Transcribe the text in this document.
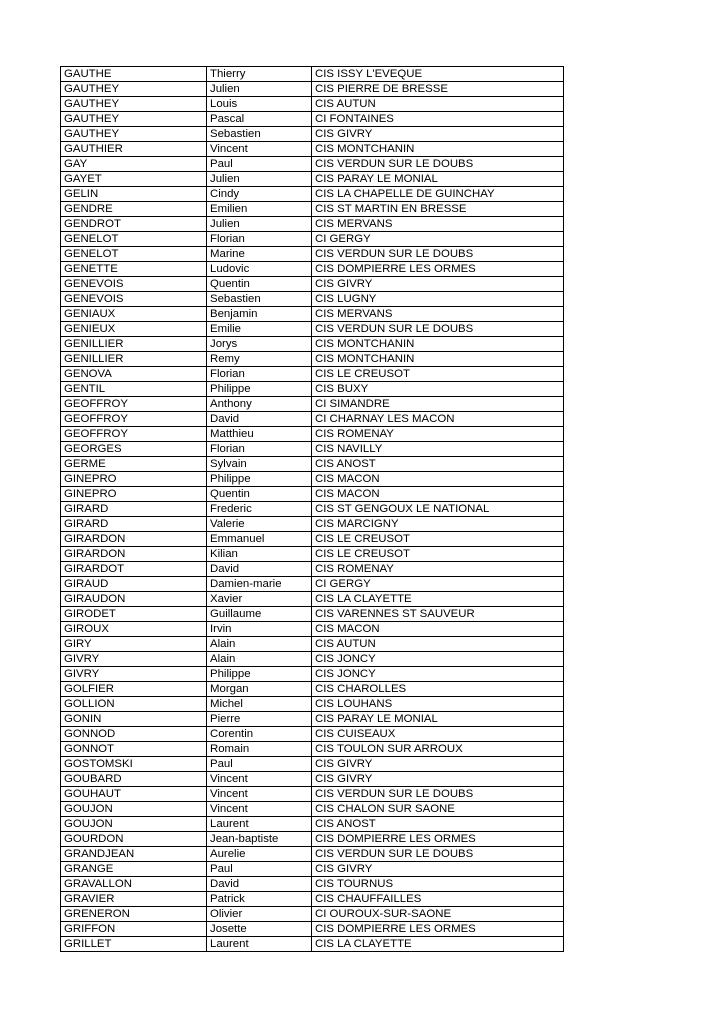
GAUTHE	Thierry	CIS ISSY L'EVEQUE
GAUTHEY	Julien	CIS PIERRE DE BRESSE
GAUTHEY	Louis	CIS AUTUN
GAUTHEY	Pascal	CI FONTAINES
GAUTHEY	Sebastien	CIS GIVRY
GAUTHIER	Vincent	CIS MONTCHANIN
GAY	Paul	CIS VERDUN SUR LE DOUBS
GAYET	Julien	CIS PARAY LE MONIAL
GELIN	Cindy	CIS LA CHAPELLE DE GUINCHAY
GENDRE	Emilien	CIS ST MARTIN EN BRESSE
GENDROT	Julien	CIS MERVANS
GENELOT	Florian	CI GERGY
GENELOT	Marine	CIS VERDUN SUR LE DOUBS
GENETTE	Ludovic	CIS DOMPIERRE LES ORMES
GENEVOIS	Quentin	CIS GIVRY
GENEVOIS	Sebastien	CIS LUGNY
GENIAUX	Benjamin	CIS MERVANS
GENIEUX	Emilie	CIS VERDUN SUR LE DOUBS
GENILLIER	Jorys	CIS MONTCHANIN
GENILLIER	Remy	CIS MONTCHANIN
GENOVA	Florian	CIS LE CREUSOT
GENTIL	Philippe	CIS BUXY
GEOFFROY	Anthony	CI SIMANDRE
GEOFFROY	David	CI CHARNAY LES MACON
GEOFFROY	Matthieu	CIS ROMENAY
GEORGES	Florian	CIS NAVILLY
GERME	Sylvain	CIS ANOST
GINEPRO	Philippe	CIS MACON
GINEPRO	Quentin	CIS MACON
GIRARD	Frederic	CIS ST GENGOUX LE NATIONAL
GIRARD	Valerie	CIS MARCIGNY
GIRARDON	Emmanuel	CIS LE CREUSOT
GIRARDON	Kilian	CIS LE CREUSOT
GIRARDOT	David	CIS ROMENAY
GIRAUD	Damien-marie	CI GERGY
GIRAUDON	Xavier	CIS LA CLAYETTE
GIRODET	Guillaume	CIS VARENNES ST SAUVEUR
GIROUX	Irvin	CIS MACON
GIRY	Alain	CIS AUTUN
GIVRY	Alain	CIS JONCY
GIVRY	Philippe	CIS JONCY
GOLFIER	Morgan	CIS CHAROLLES
GOLLION	Michel	CIS LOUHANS
GONIN	Pierre	CIS PARAY LE MONIAL
GONNOD	Corentin	CIS CUISEAUX
GONNOT	Romain	CIS TOULON SUR ARROUX
GOSTOMSKI	Paul	CIS GIVRY
GOUBARD	Vincent	CIS GIVRY
GOUHAUT	Vincent	CIS VERDUN SUR LE DOUBS
GOUJON	Vincent	CIS CHALON SUR SAONE
GOUJON	Laurent	CIS ANOST
GOURDON	Jean-baptiste	CIS DOMPIERRE LES ORMES
GRANDJEAN	Aurelie	CIS VERDUN SUR LE DOUBS
GRANGE	Paul	CIS GIVRY
GRAVALLON	David	CIS TOURNUS
GRAVIER	Patrick	CIS CHAUFFAILLES
GRENERON	Olivier	CI OUROUX-SUR-SAONE
GRIFFON	Josette	CIS DOMPIERRE LES ORMES
GRILLET	Laurent	CIS LA CLAYETTE
